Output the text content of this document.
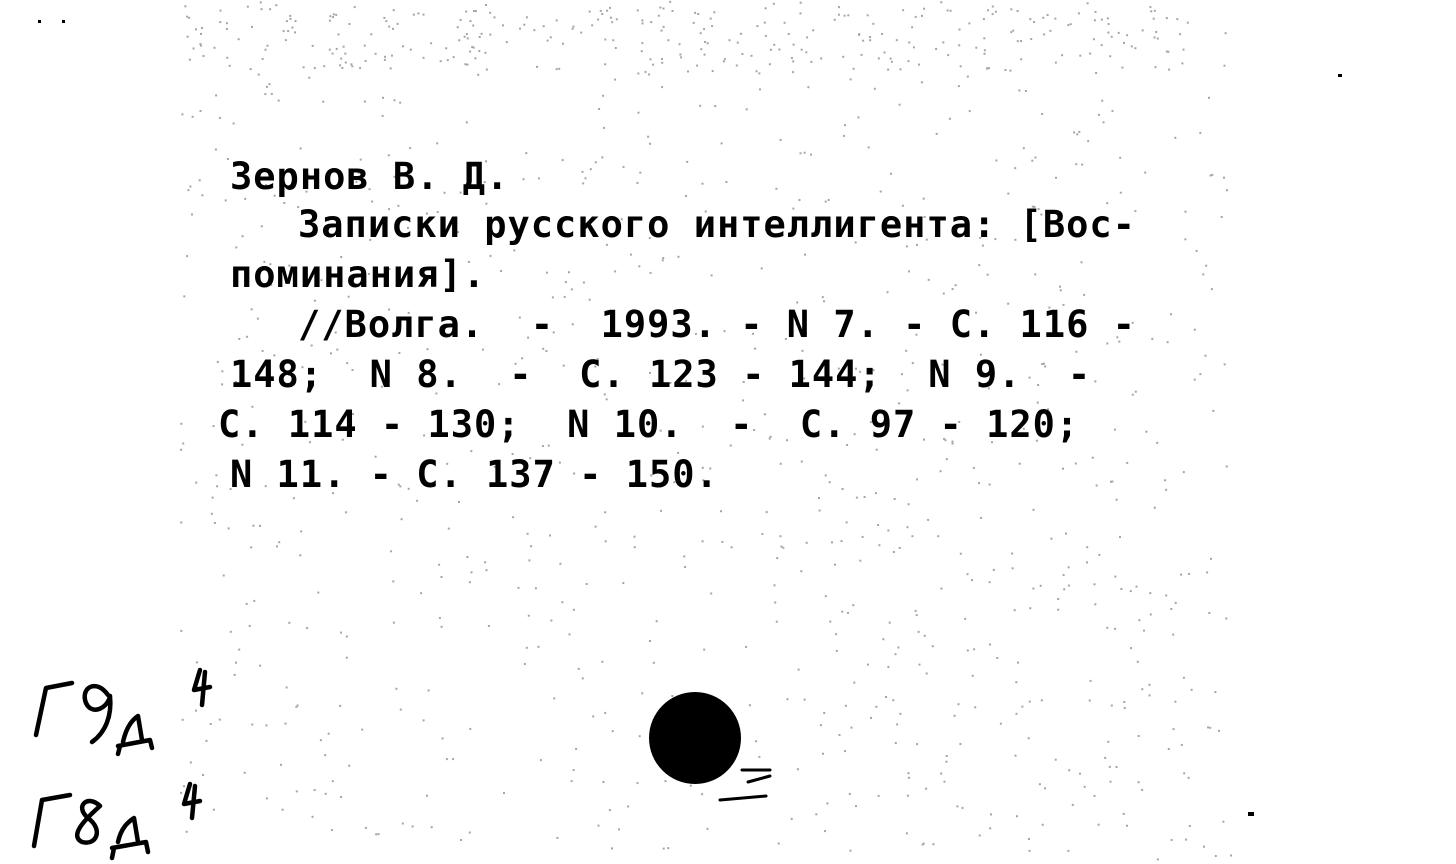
Зернов В. Д.
Записки русского интеллигента: [Вос-
поминания].
//Волга.  -  1993. - N 7. - С. 116 -
148;  N 8.  -  С. 123 - 144;  N 9.  -
С. 114 - 130;  N 10.  -  С. 97 - 120;
N 11. - С. 137 - 150.
